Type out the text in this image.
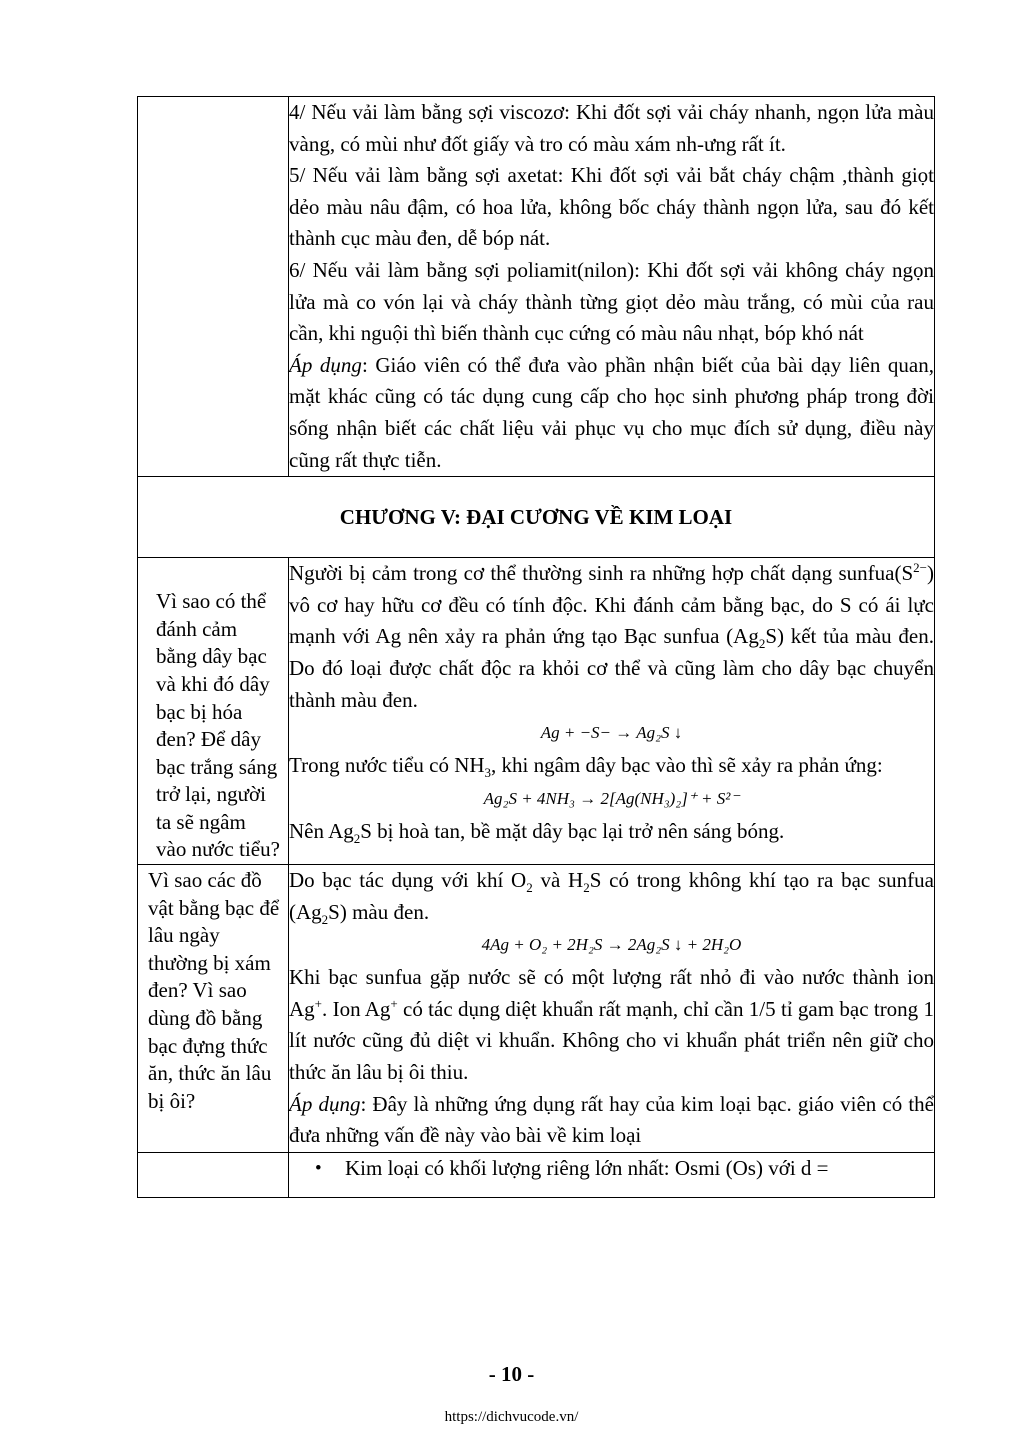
	4/ Nếu vải làm bằng sợi viscozơ: Khi đốt sợi vải cháy nhanh, ngọn lửa màu vàng, có mùi như đốt giấy và tro có màu xám nh-ưng rất ít.

5/ Nếu vải làm bằng sợi axetat: Khi đốt sợi vải bắt cháy chậm ,thành giọt dẻo màu nâu đậm, có hoa lửa, không bốc cháy thành ngọn lửa, sau đó kết thành cục màu đen, dễ bóp nát.

6/ Nếu vải làm bằng sợi poliamit(nilon): Khi đốt sợi vải không cháy ngọn lửa mà co vón lại và cháy thành từng giọt dẻo màu trắng, có mùi của rau cần, khi nguội thì biến thành cục cứng có màu nâu nhạt, bóp khó nát

Áp dụng: Giáo viên có thể đưa vào phần nhận biết của bài dạy liên quan, mặt khác cũng có tác dụng cung cấp cho học sinh phương pháp trong đời sống nhận biết các chất liệu vải phục vụ cho mục đích sử dụng, điều này cũng rất thực tiễn.

CHƯƠNG V: ĐẠI CƯƠNG VỀ KIM LOẠI	

Vì sao có thể đánh cảm bằng dây bạc và khi đó dây bạc bị hóa đen? Để dây bạc trắng sáng trở lại, người ta sẽ ngâm vào nước tiểu?	Người bị cảm trong cơ thể thường sinh ra những hợp chất dạng $sunfua(S^{2-})$ vô cơ hay hữu cơ đều có tính độc. Khi đánh cảm bằng bạc, do S có ái lực mạnh với Ag nên xảy ra phản ứng tạo Bạc sunfua $(Ag_2S)$ kết tủa màu đen. Do đó loại được chất độc ra khỏi cơ thể và cũng làm cho dây bạc chuyển thành màu đen.

Ag + −S− → Ag₂S ↓

Trong nước tiểu có $NH_3$, khi ngâm dây bạc vào thì sẽ xảy ra phản ứng:

Ag₂S + 4NH₃ → 2[Ag(NH₃)₂]⁺ + S²⁻

Nên $Ag_2S$ bị hoà tan, bề mặt dây bạc lại trở nên sáng bóng.

Vì sao các đồ vật bằng bạc để lâu ngày thường bị xám đen? Vì sao dùng đồ bằng bạc đựng thức ăn, thức ăn lâu bị ôi?	Do bạc tác dụng với khí $O_2$ và $H_2S$ có trong không khí tạo ra bạc sunfua $(Ag_2S)$ màu đen.

4Ag + O₂ + 2H₂S → 2Ag₂S ↓ + 2H₂O

Khi bạc sunfua gặp nước sẽ có một lượng rất nhỏ đi vào nước thành ion Ag+. Ion Ag+ có tác dụng diệt khuẩn rất mạnh, chỉ cần 1/5 tỉ gam bạc trong 1 lít nước cũng đủ diệt vi khuẩn. Không cho vi khuẩn phát triển nên giữ cho thức ăn lâu bị ôi thiu.

Áp dụng: Đây là những ứng dụng rất hay của kim loại bạc. giáo viên có thể đưa những vấn đề này vào bài về kim loại

	• Kim loại có khối lượng riêng lớn nhất: Osmi (Os) với d =
- 10 -
https://dichvucode.vn/
